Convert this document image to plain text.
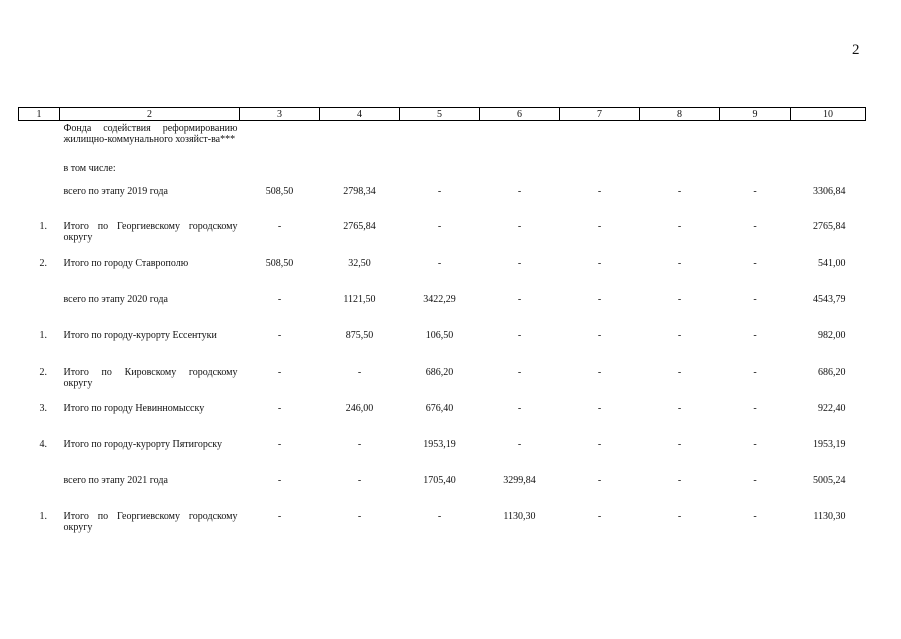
2
1	2	3	4	5	6	7	8	9	10
	Фонда содействия реформированию жилищно-коммунального хозяйст-ва***								
	в том числе:								
	всего по этапу 2019 года	508,50	2798,34	-	-	-	-	-	3306,84
1.	Итого по Георгиевскому городскому округу	-	2765,84	-	-	-	-	-	2765,84
2.	Итого по городу Ставрополю	508,50	32,50	-	-	-	-	-	541,00
	всего по этапу 2020 года	-	1121,50	3422,29	-	-	-	-	4543,79
1.	Итого по городу-курорту Ессентуки	-	875,50	106,50	-	-	-	-	982,00
2.	Итого по Кировскому городскому округу	-	-	686,20	-	-	-	-	686,20
3.	Итого по городу Невинномысску	-	246,00	676,40	-	-	-	-	922,40
4.	Итого по городу-курорту Пятигорску	-	-	1953,19	-	-	-	-	1953,19
	всего по этапу 2021 года	-	-	1705,40	3299,84	-	-	-	5005,24
1.	Итого по Георгиевскому городскому округу	-	-	-	1130,30	-	-	-	1130,30
